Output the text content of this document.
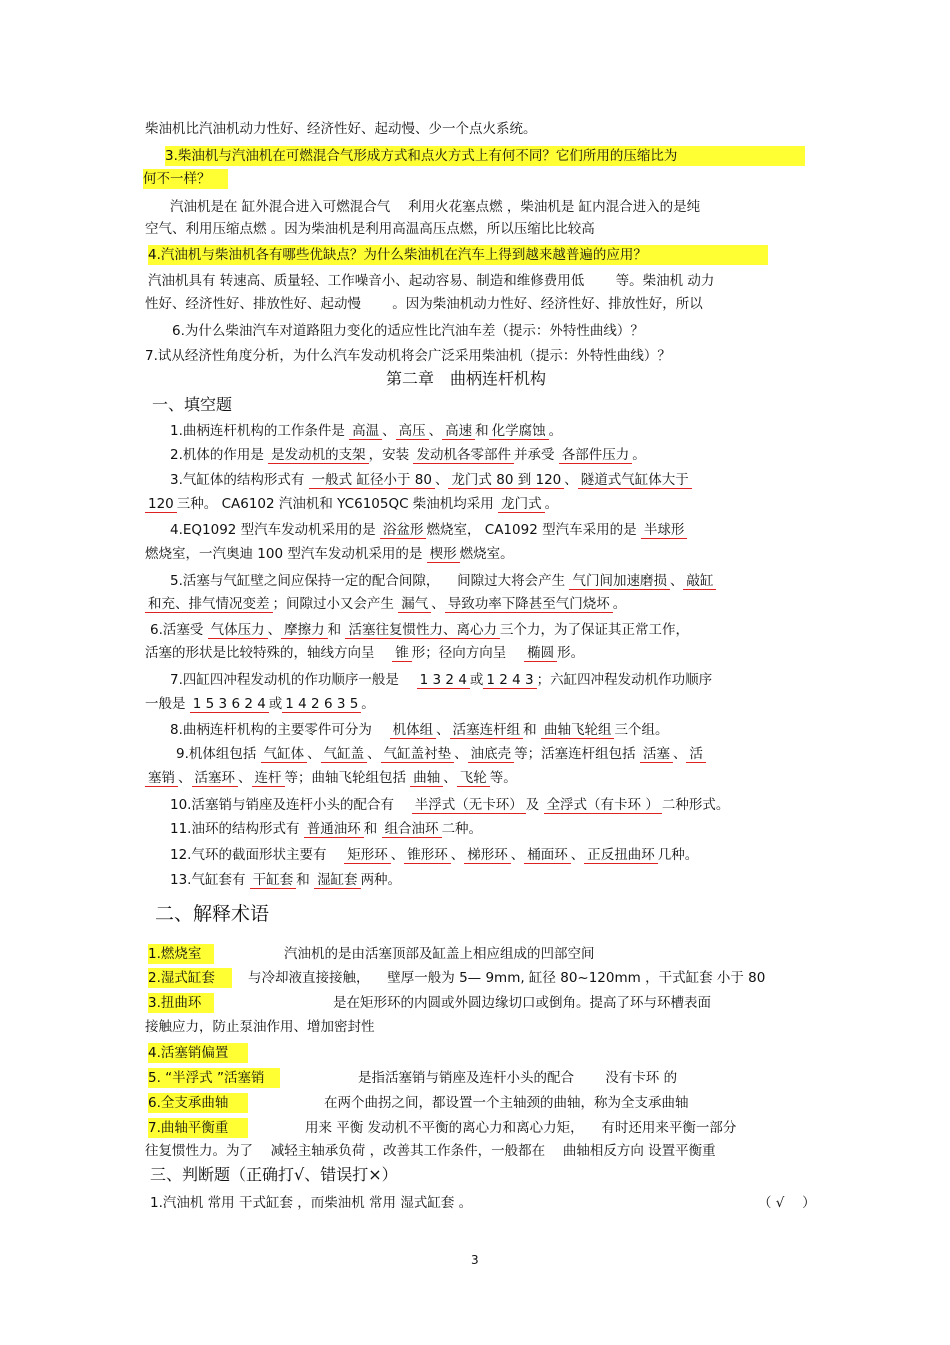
柴油机比汽油机动力性好、经济性好、起动慢、少一个点火系统。
3.柴油机与汽油机在可燃混合气形成方式和点火方式上有何不同？它们所用的压缩比为
何不一样？
汽油机是在 缸外混合进入可燃混合气 　利用火花塞点燃 ，柴油机是 缸内混合进入的是纯
空气、利用压缩点燃 。因为柴油机是利用高温高压点燃，所以压缩比比较高
4.汽油机与柴油机各有哪些优缺点？为什么柴油机在汽车上得到越来越普遍的应用？
汽油机具有 转速高、质量轻、工作噪音小、起动容易、制造和维修费用低 　　等。柴油机 动力
性好、经济性好、排放性好、起动慢 　　。因为柴油机动力性好、经济性好、排放性好，所以
6.为什么柴油汽车对道路阻力变化的适应性比汽油车差（提示：外特性曲线）？
7.试从经济性角度分析，为什么汽车发动机将会广泛采用柴油机（提示：外特性曲线）？
第二章　曲柄连杆机构
一、填空题
1.曲柄连杆机构的工作条件是 高温 、 高压 、 高速 和 化学腐蚀 。
2.机体的作用是 是发动机的支架 ，安装 发动机各零部件 并承受 各部件压力 。
3.气缸体的结构形式有 一般式 缸径小于 80 、 龙门式 80 到 120 、 隧道式气缸体大于
120 三种。 CA6102 汽油机和 YC6105QC 柴油机均采用 龙门式 。
4.EQ1092 型汽车发动机采用的是 浴盆形 燃烧室， CA1092 型汽车采用的是 半球形
燃烧室，一汽奥迪 100 型汽车发动机采用的是 楔形 燃烧室。
5.活塞与气缸壁之间应保持一定的配合间隙， 　间隙过大将会产生 气门间加速磨损 、 敲缸
和充、排气情况变差 ；间隙过小又会产生 漏气 、 导致功率下降甚至气门烧坏 。
6.活塞受 气体压力 、 摩擦力 和 活塞往复惯性力、离心力 三个力，为了保证其正常工作，
活塞的形状是比较特殊的，轴线方向呈 　锥 形；径向方向呈 　椭圆 形。
7.四缸四冲程发动机的作功顺序一般是 　1 3 2 4 或 1 2 4 3 ；六缸四冲程发动机作功顺序
一般是 1 5 3 6 2 4 或 1 4 2 6 3 5 。
8.曲柄连杆机构的主要零件可分为 　机体组 、 活塞连杆组 和 曲轴飞轮组 三个组。
9.机体组包括 气缸体 、 气缸盖 、 气缸盖衬垫 、 油底壳 等；活塞连杆组包括 活塞 、 活
塞销 、 活塞环 、 连杆 等；曲轴飞轮组包括 曲轴 、 飞轮 等。
10.活塞销与销座及连杆小头的配合有 　半浮式（无卡环） 及 全浮式（有卡环 ） 二种形式。
11.油环的结构形式有 普通油环 和 组合油环 二种。
12.气环的截面形状主要有 　矩形环 、 锥形环 、 梯形环 、 桶面环 、 正反扭曲环 几种。
13.气缸套有 干缸套 和 湿缸套 两种。
二、解释术语
1.燃烧室	汽油机的是由活塞顶部及缸盖上相应组成的凹部空间
2.湿式缸套	与冷却液直接接触， 　壁厚一般为 5— 9mm, 缸径 80~120mm ，干式缸套 小于 80
3.扭曲环	是在矩形环的内圆或外圆边缘切口或倒角。提高了环与环槽表面
接触应力，防止泵油作用、增加密封性
4.活塞销偏置
5. “半浮式 ”活塞销	是指活塞销与销座及连杆小头的配合 　　没有卡环 的
6.全支承曲轴	在两个曲拐之间，都设置一个主轴颈的曲轴，称为全支承曲轴
7.曲轴平衡重	用来 平衡 发动机不平衡的离心力和离心力矩， 　有时还用来平衡一部分
往复惯性力。为了 　减轻主轴承负荷 ，改善其工作条件，一般都在 　曲轴相反方向 设置平衡重
三、判断题（正确打√、错误打×）
1.汽油机 常用 干式缸套 ，而柴油机 常用 湿式缸套 。	（ √ 　）
3
